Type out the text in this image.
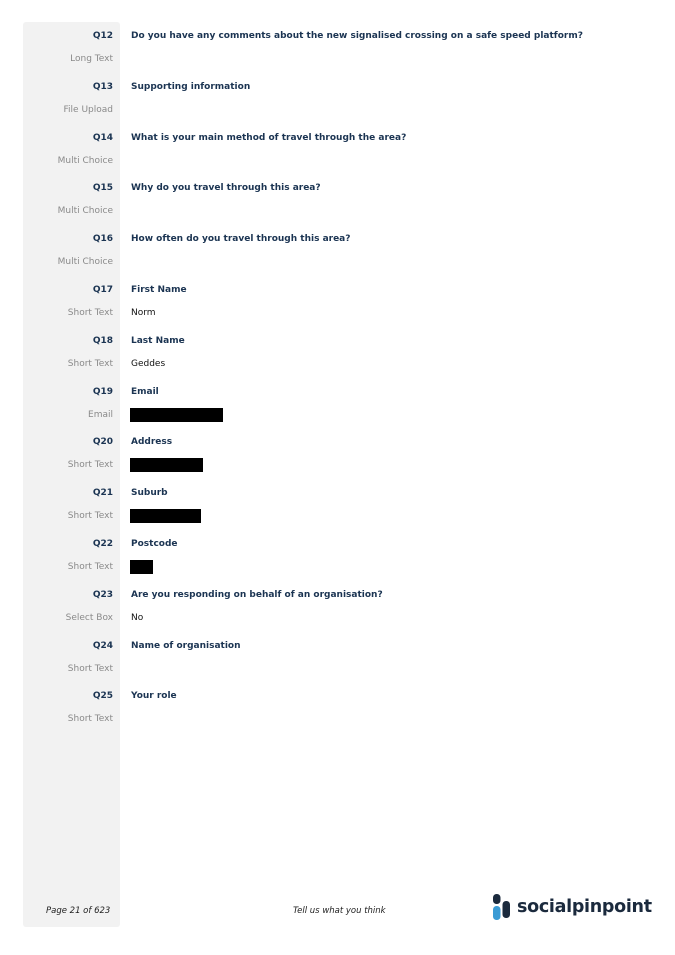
Q12 Do you have any comments about the new signalised crossing on a safe speed platform?
Long Text
Q13 Supporting information
File Upload
Q14 What is your main method of travel through the area?
Multi Choice
Q15 Why do you travel through this area?
Multi Choice
Q16 How often do you travel through this area?
Multi Choice
Q17 First Name
Short Text Norm
Q18 Last Name
Short Text Geddes
Q19 Email
Email
Q20 Address
Short Text
Q21 Suburb
Short Text
Q22 Postcode
Short Text
Q23 Are you responding on behalf of an organisation?
Select Box No
Q24 Name of organisation
Short Text
Q25 Your role
Short Text
Page 21 of 623	Tell us what you think	socialpinpoint
